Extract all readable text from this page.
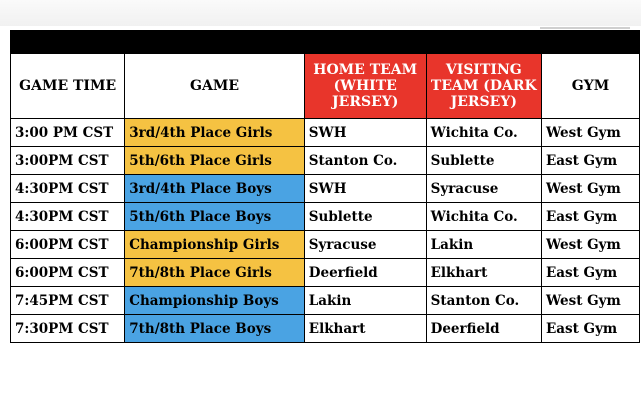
GAME TIME	GAME	HOME TEAM (WHITE JERSEY)	VISITING TEAM (DARK JERSEY)	GYM
3:00 PM CST	3rd/4th Place Girls	SWH	Wichita Co.	West Gym
3:00PM CST	5th/6th Place Girls	Stanton Co.	Sublette	East Gym
4:30PM CST	3rd/4th Place Boys	SWH	Syracuse	West Gym
4:30PM CST	5th/6th Place Boys	Sublette	Wichita Co.	East Gym
6:00PM CST	Championship Girls	Syracuse	Lakin	West Gym
6:00PM CST	7th/8th Place Girls	Deerfield	Elkhart	East Gym
7:45PM CST	Championship Boys	Lakin	Stanton Co.	West Gym
7:30PM CST	7th/8th Place Boys	Elkhart	Deerfield	East Gym
